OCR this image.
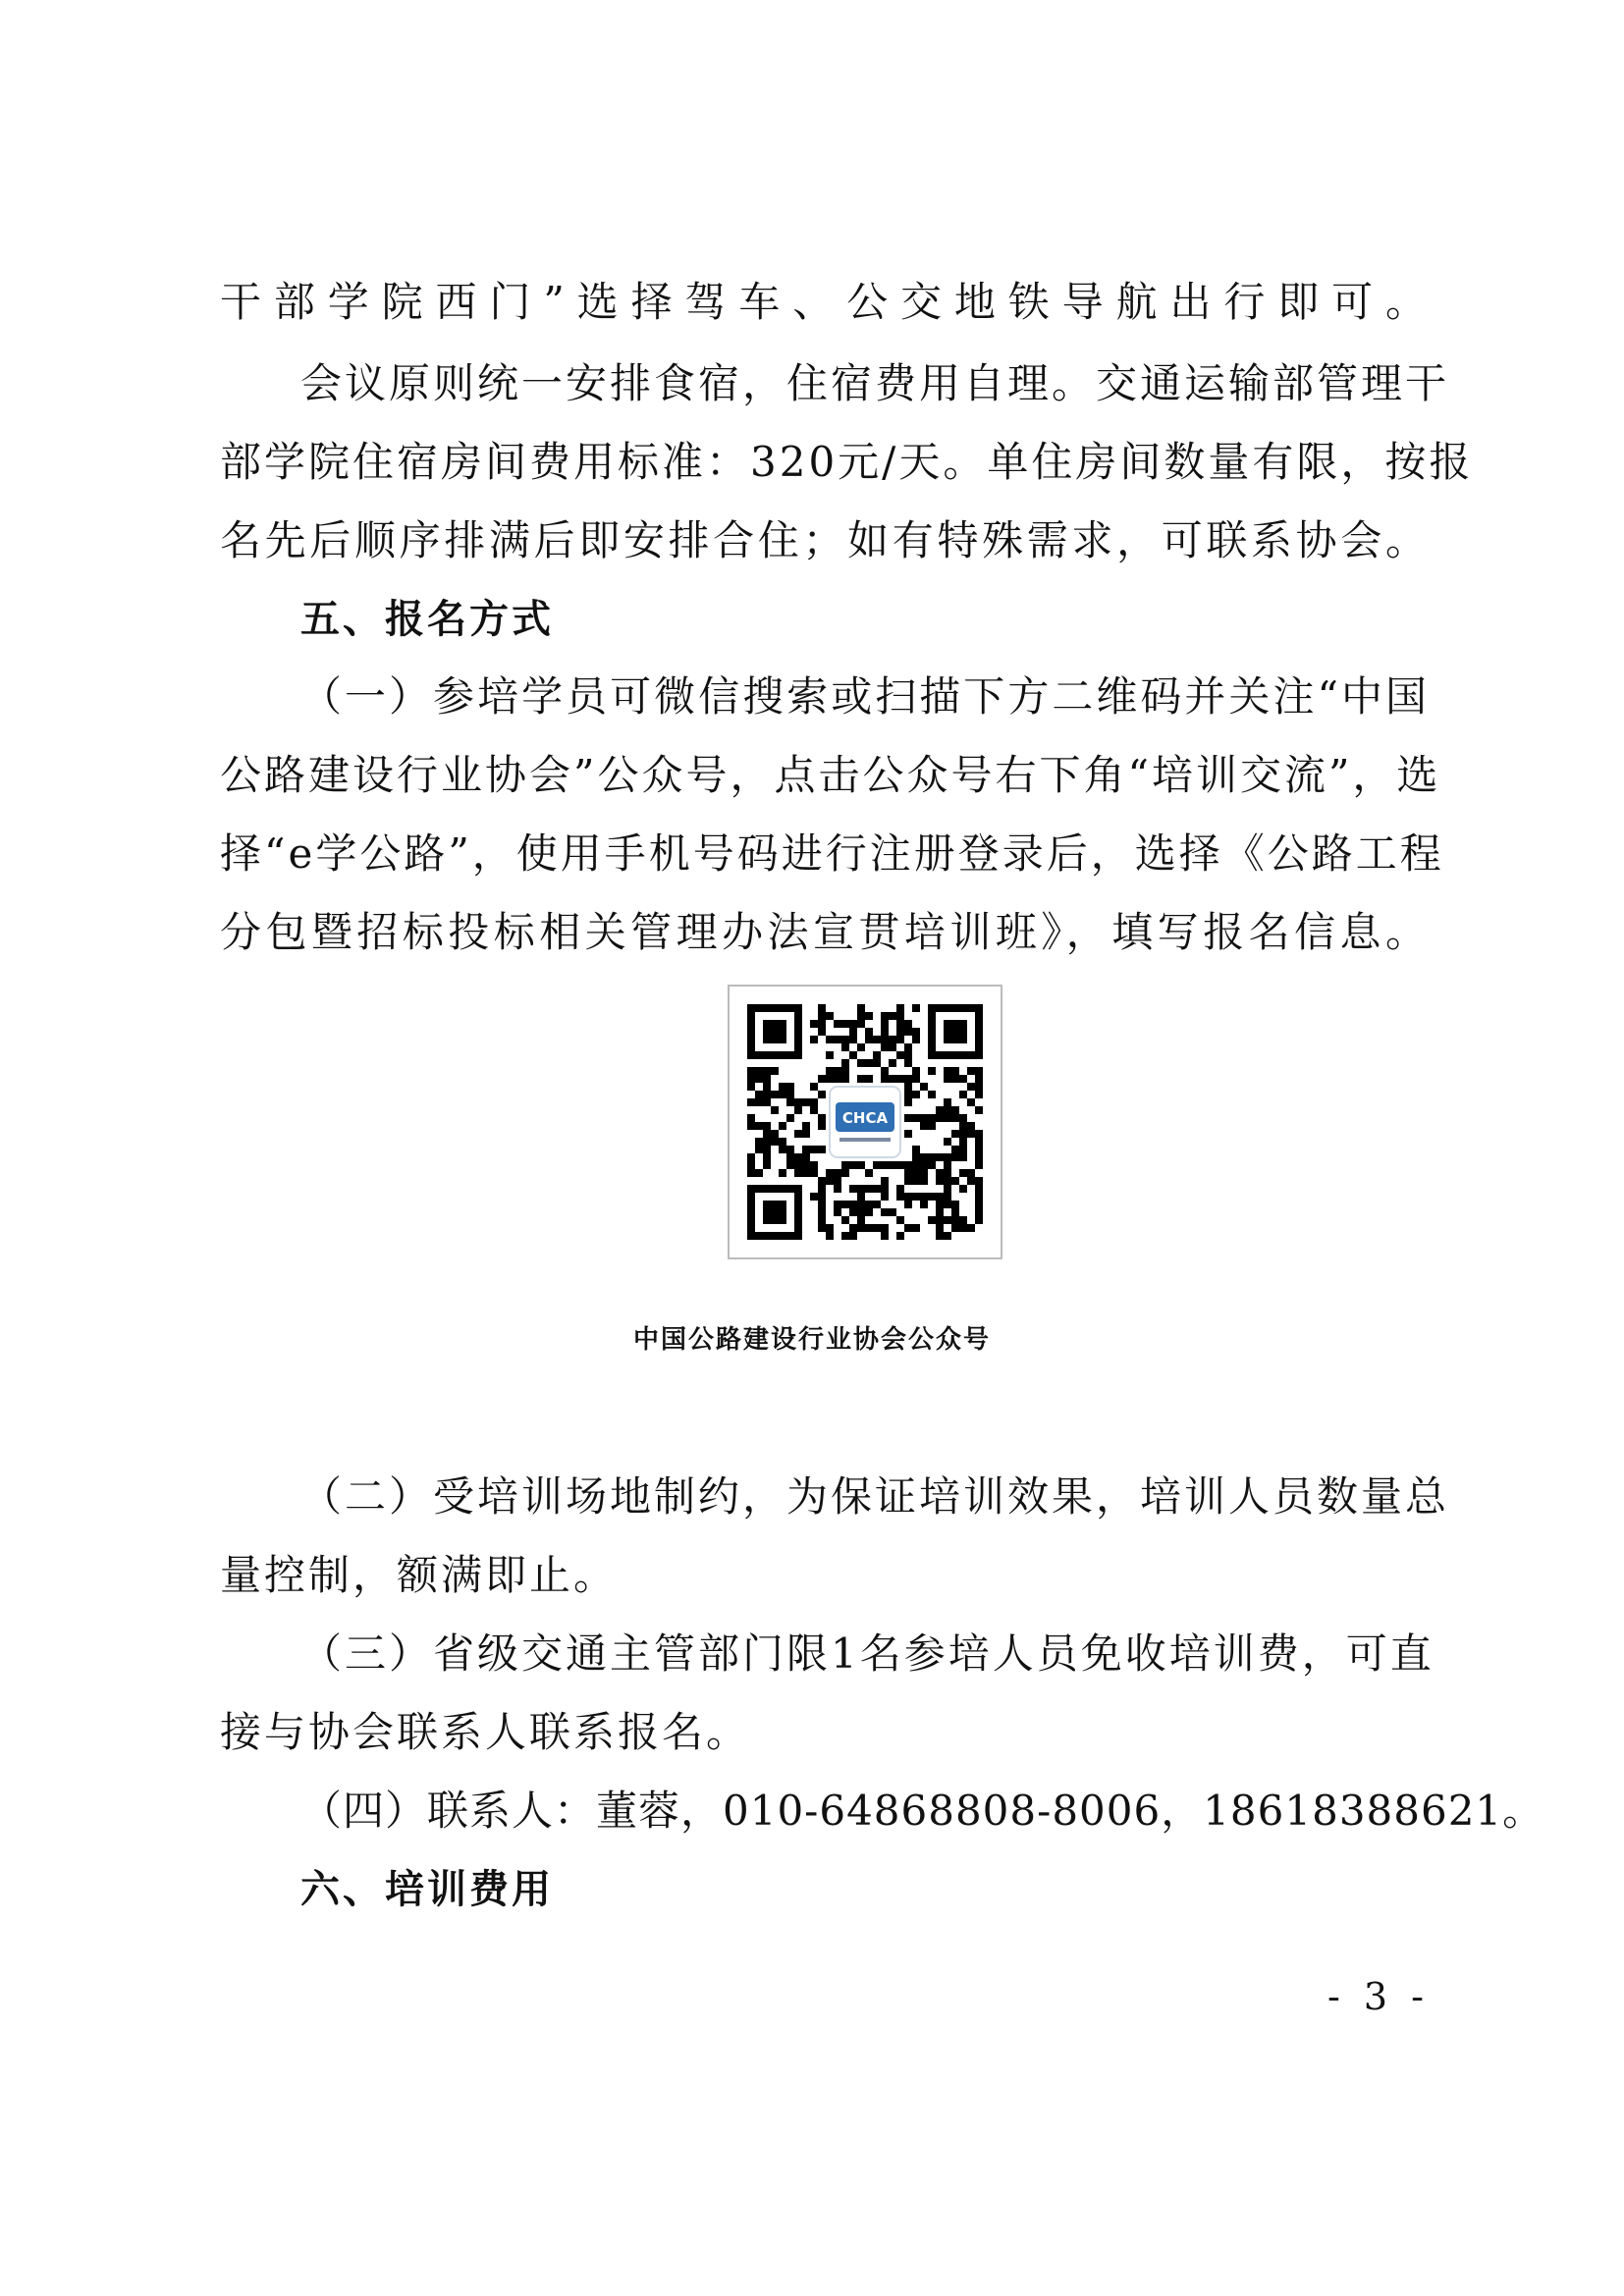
干部学院西门”选择驾车、公交地铁导航出行即可。
会议原则统一安排食宿，住宿费用自理。交通运输部管理干
部学院住宿房间费用标准：320元/天。单住房间数量有限，按报
名先后顺序排满后即安排合住；如有特殊需求，可联系协会。
五、报名方式
（一）参培学员可微信搜索或扫描下方二维码并关注“中国
公路建设行业协会”公众号，点击公众号右下角“培训交流”，选
择“e学公路”，使用手机号码进行注册登录后，选择《公路工程
分包暨招标投标相关管理办法宣贯培训班》，填写报名信息。
CHCA
中国公路建设行业协会公众号
（二）受培训场地制约，为保证培训效果，培训人员数量总
量控制，额满即止。
（三）省级交通主管部门限1名参培人员免收培训费，可直
接与协会联系人联系报名。
（四）联系人：董蓉，010-64868808-8006，18618388621。
六、培训费用
- 3 -
